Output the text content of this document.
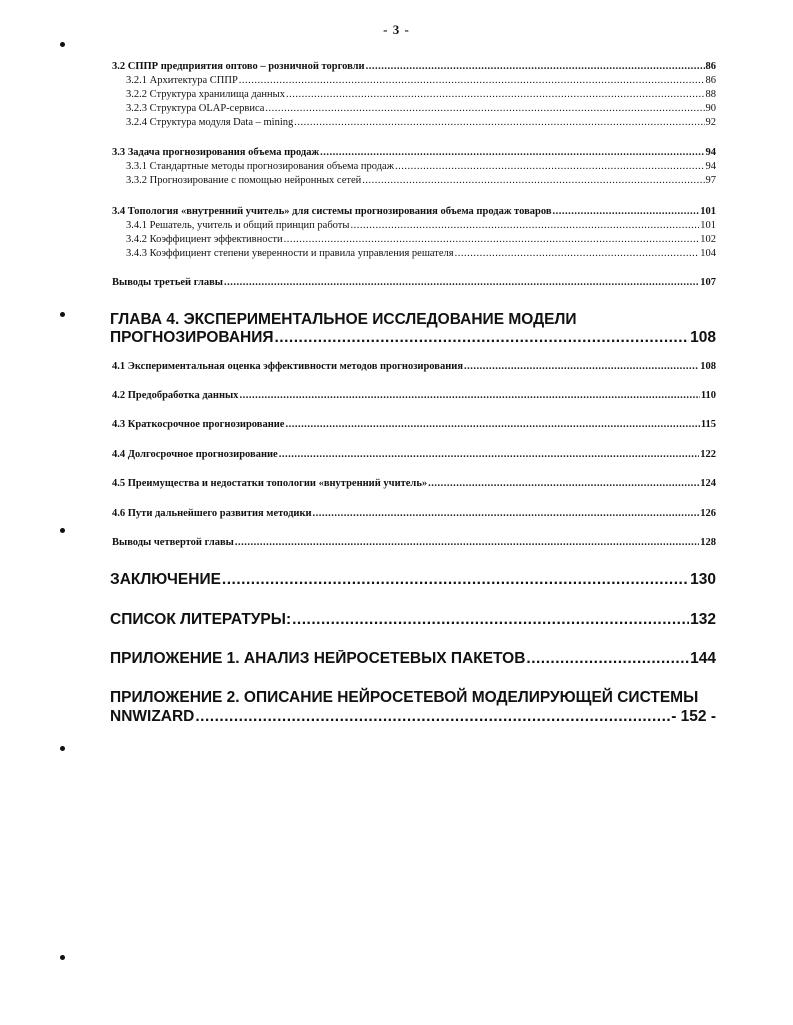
- 3 -
3.2 СППР предприятия оптово – розничной торговли .....	86
3.2.1 Архитектура СППР .....	86
3.2.2 Структура хранилища данных .....	88
3.2.3 Структура OLAP-сервиса .....	90
3.2.4 Структура модуля Data – mining .....	92
3.3 Задача прогнозирования объема продаж .....	94
3.3.1 Стандартные методы прогнозирования объема продаж .....	94
3.3.2 Прогнозирование с помощью нейронных сетей .....	97
3.4 Топология «внутренний учитель» для системы прогнозирования объема продаж товаров .....	101
3.4.1 Решатель, учитель и общий принцип работы .....	101
3.4.2 Коэффициент эффективности .....	102
3.4.3 Коэффициент степени уверенности и правила управления решателя .....	104
Выводы третьей главы .....	107
ГЛАВА 4. ЭКСПЕРИМЕНТАЛЬНОЕ ИССЛЕДОВАНИЕ МОДЕЛИ
ПРОГНОЗИРОВАНИЯ .....	108
4.1 Экспериментальная оценка эффективности методов прогнозирования .....	108
4.2 Предобработка данных .....	110
4.3 Краткосрочное прогнозирование .....	115
4.4 Долгосрочное прогнозирование .....	122
4.5 Преимущества и недостатки топологии «внутренний учитель» .....	124
4.6 Пути дальнейшего развития методики .....	126
Выводы четвертой главы .....	128
ЗАКЛЮЧЕНИЕ .....	130
СПИСОК ЛИТЕРАТУРЫ: .....	132
ПРИЛОЖЕНИЕ 1. АНАЛИЗ НЕЙРОСЕТЕВЫХ ПАКЕТОВ .....	144
ПРИЛОЖЕНИЕ 2. ОПИСАНИЕ НЕЙРОСЕТЕВОЙ МОДЕЛИРУЮЩЕЙ СИСТЕМЫ
NNWIZARD .....	- 152 -
